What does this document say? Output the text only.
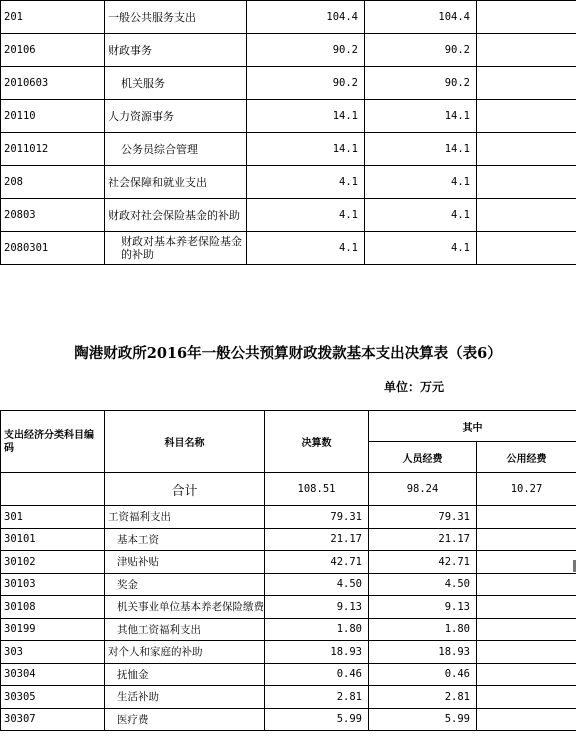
201	一般公共服务支出	104.4	104.4	
20106	财政事务	90.2	90.2	
2010603	机关服务	90.2	90.2	
20110	人力资源事务	14.1	14.1	
2011012	公务员综合管理	14.1	14.1	
208	社会保障和就业支出	4.1	4.1	
20803	财政对社会保险基金的补助	4.1	4.1	
2080301	财政对基本养老保险基金的补助	4.1	4.1	
陶港财政所2016年一般公共预算财政拨款基本支出决算表（表6）
单位：万元
支出经济分类科目编码	科目名称	决算数	其中	
			人员经费	公用经费
	合计	108.51	98.24	10.27
301	工资福利支出	79.31	79.31	
30101	基本工资	21.17	21.17	
30102	津贴补贴	42.71	42.71	
30103	奖金	4.50	4.50	
30108	机关事业单位基本养老保险缴费	9.13	9.13	
30199	其他工资福利支出	1.80	1.80	
303	对个人和家庭的补助	18.93	18.93	
30304	抚恤金	0.46	0.46	
30305	生活补助	2.81	2.81	
30307	医疗费	5.99	5.99	
